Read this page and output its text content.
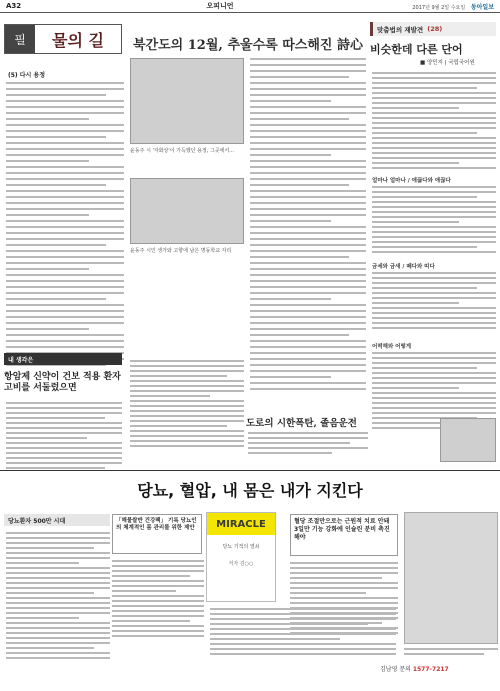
A32	오피니언	2017년 9월 2일 수요일 동아일보
필	물의 길
(5) 다시 용정
북간도의 12월, 추울수록 따스해진 詩心
윤동주 시 '자화상'이 가득했던 용정, 그곳에서...
윤동주 시인 생가와 고향에 남은 명동학교 자리
맞춤법의 재발견 (28)
비슷한데 다른 단어
■ 양민지 | 국립국어원
얼마나 얼마나 / 애끓다와 애끊다
금세와 금새 / 떼다와 띠다
어떡해와 어떻게
내 생각은
항암제 신약이 건보 적용 환자 고비를 서둘렀으면
도로의 시한폭탄, 졸음운전
당뇨, 혈압, 내 몸은 내가 지킨다
당뇨환자 500만 시대	「해물쌀반 건강팩」 기록 당뇨인의 체계적인 몸 관리를 위한 제안	MIRACLE
당뇨 기적의 열쇠
저자 김○○
혈당 조절만으로는 근원적 치료 안돼 3일만 기능 강화에 인슐린 분비 촉진해야
김남영 문의 1577-7217
